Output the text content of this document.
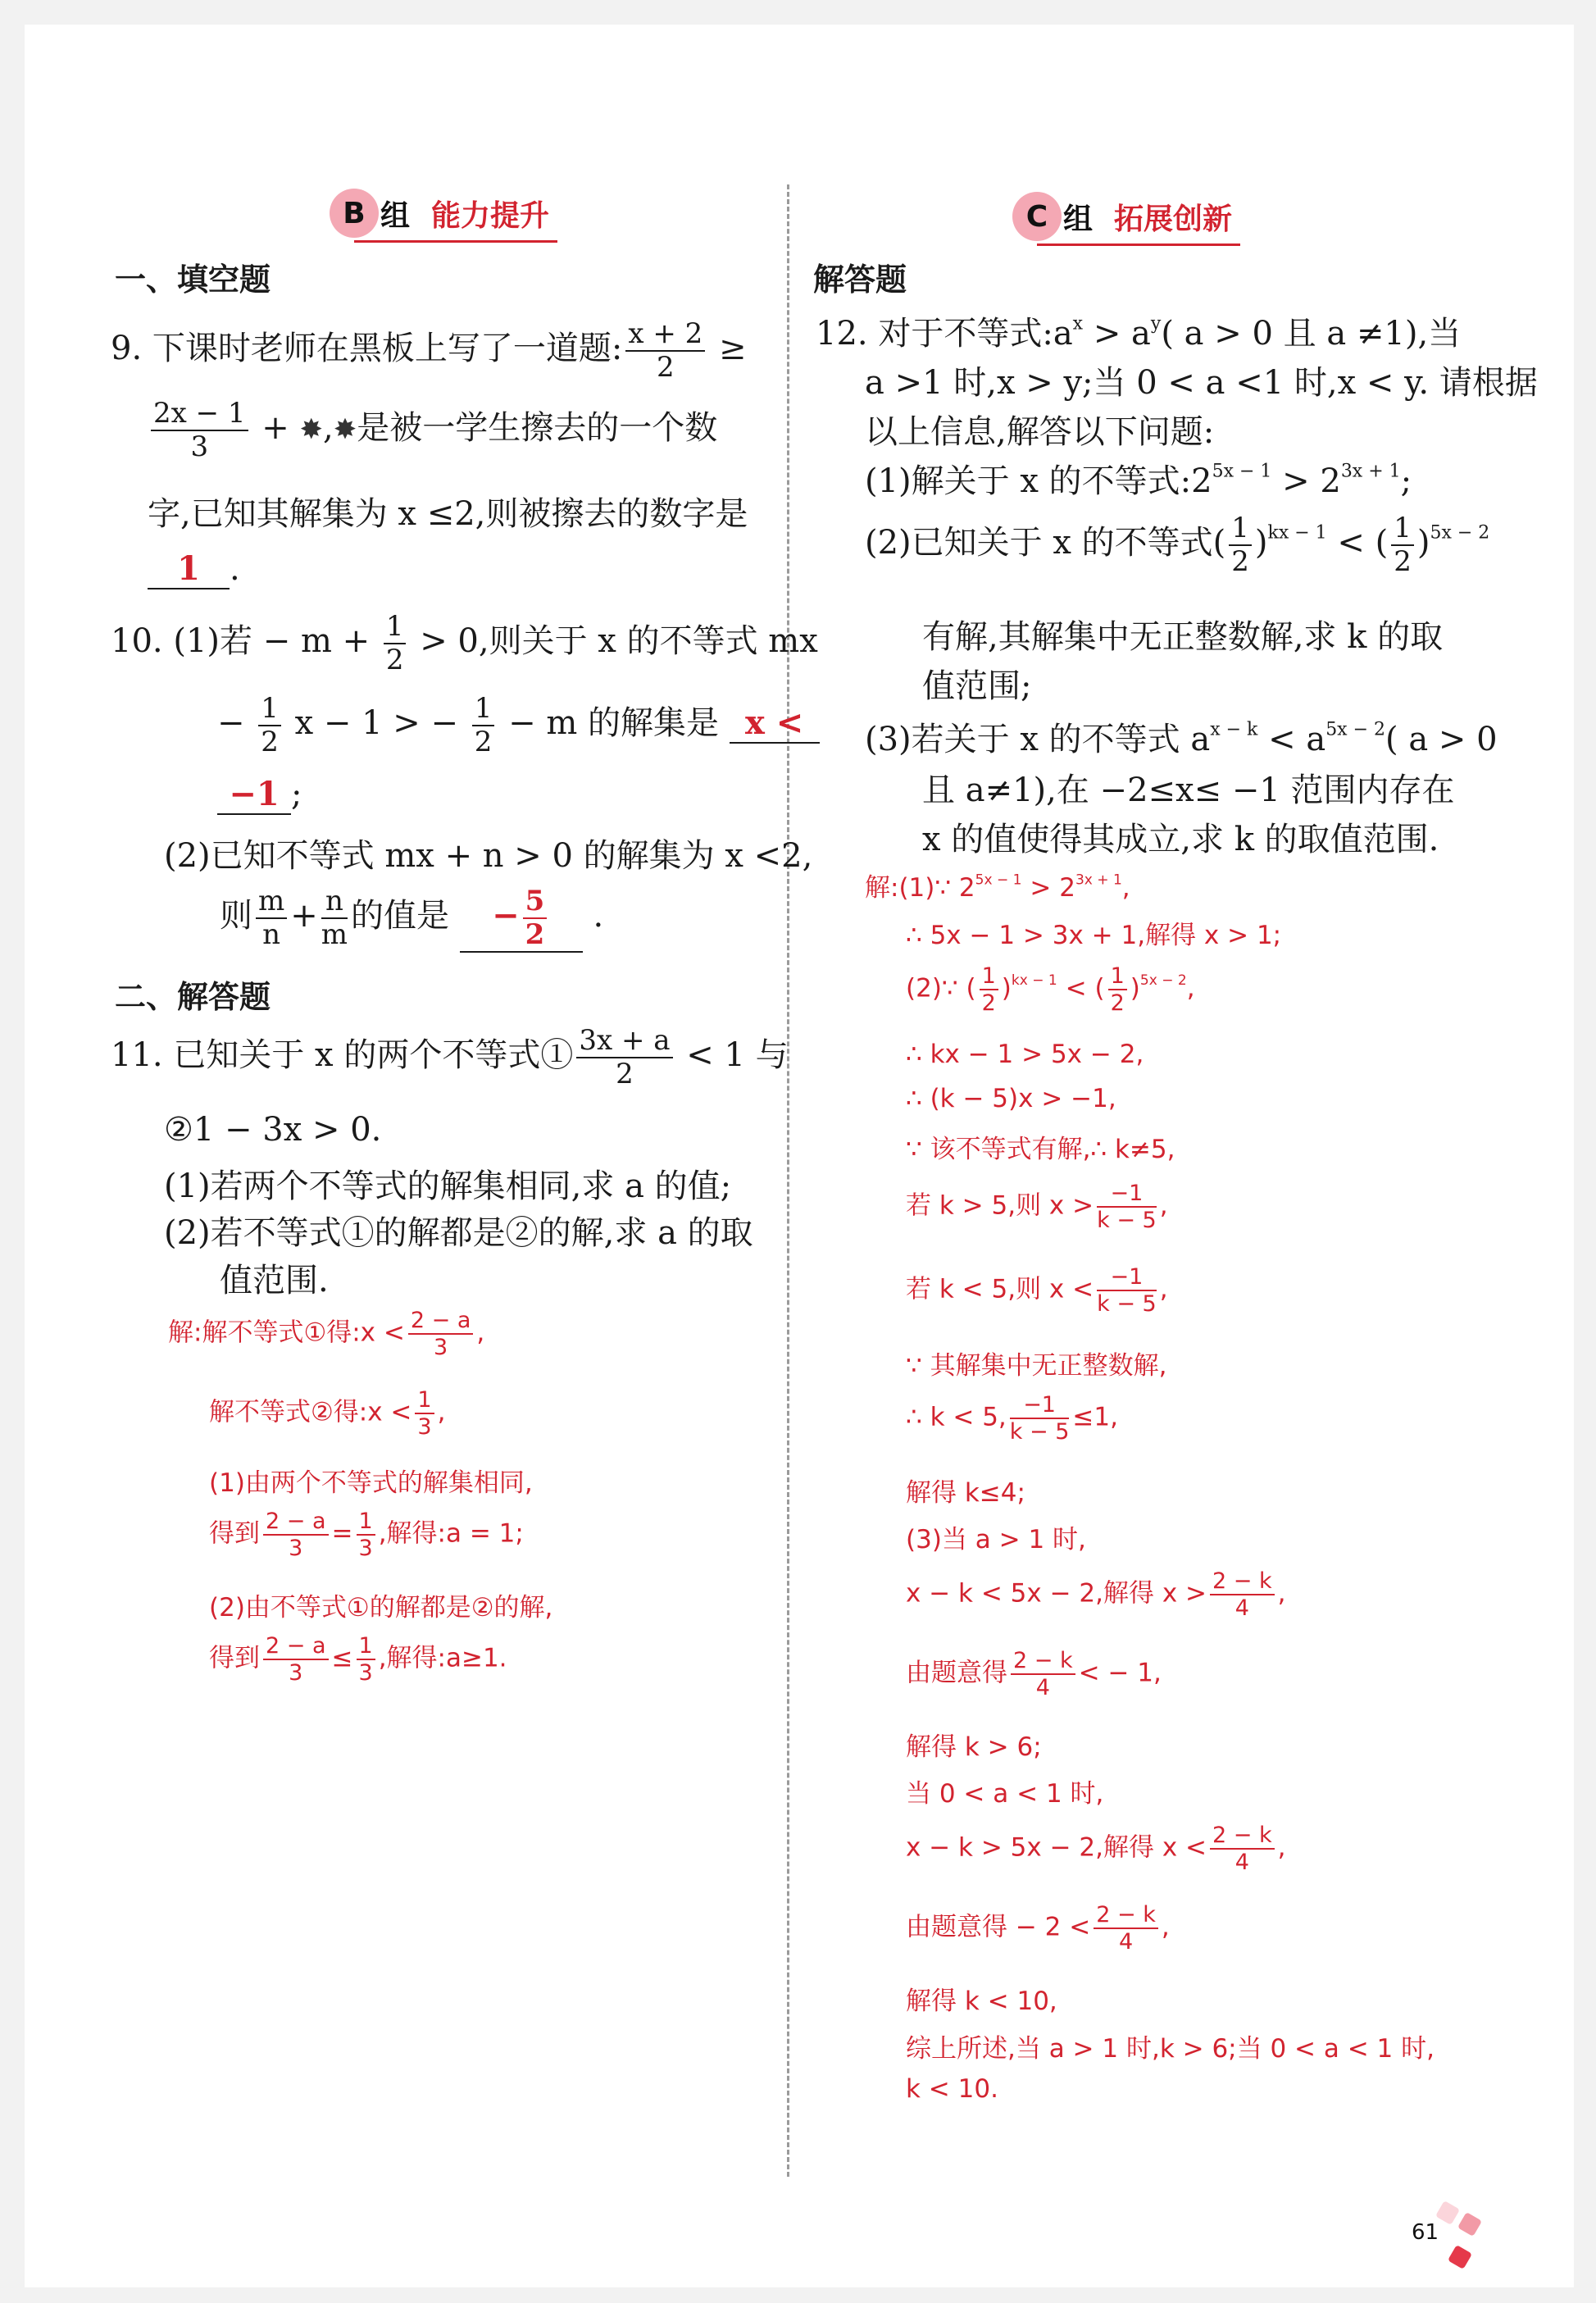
B 组 能力提升	C 组 拓展创新
一、填空题
9. 下课时老师在黑板上写了一道题: $\frac{x + 2}{2}$ ≥
$\frac{2x - 1}{3}$ + ✸,✸是被一学生擦去的一个数
字,已知其解集为 x ≤2,则被擦去的数字是
1 .
10. (1)若 − $m + \frac{1}{2} > 0$,则关于 x 的不等式 mx
− $\frac{1}{2}$ x − 1 > − $\frac{1}{2} - m$ 的解集是 x <
−1 ;
(2)已知不等式 mx + n > 0 的解集为 x <2,
则 $\frac{m}{n} + \frac{n}{m}$ 的值是 − $\frac{5}{2}$ .
二、解答题
11. 已知关于 x 的两个不等式① $\frac{3x + a}{2} < 1$ 与
②1 − 3x > 0.
(1)若两个不等式的解集相同,求 a 的值;
(2)若不等式①的解都是②的解,求 a 的取
值范围.
解:解不等式①得:x < $\frac{2 - a}{3}$ ,
解不等式②得:x < $\frac{1}{3}$ ,
(1)由两个不等式的解集相同,
得到 $\frac{2 - a}{3} = \frac{1}{3}$ ,解得:a = 1;
(2)由不等式①的解都是②的解,
得到 $\frac{2 - a}{3} \le \frac{1}{3}$ ,解得:a≥1.
解答题
12. 对于不等式$:a^x > a^y$( a > 0 且 a ≠1),当
a >1 时,x > y;当 0 < a <1 时,x < y. 请根据
以上信息,解答以下问题:
(1)解关于 x 的不等式$:2^{5x - 1} > 2^{3x + 1}$;
(2)已知关于 x 的不等式( $\frac{1}{2} )^{kx - 1}$ < ( $\frac{1}{2} )^{5x - 2}$
有解,其解集中无正整数解,求 k 的取
值范围;
(3)若关于 x 的不等式 $a^{x - k} < a^{5x - 2}$( a > 0
且 a≠1),在 −2≤x≤ −1 范围内存在
x 的值使得其成立,求 k 的取值范围.
解:(1)∵ $2^{5x - 1} > 2^{3x + 1}$,
∴ 5x − 1 > 3x + 1,解得 x > 1;
(2)∵ ( $\frac{1}{2} )^{kx - 1}$ < ( $\frac{1}{2} )^{5x - 2}$,
∴ kx − 1 > 5x − 2,
∴ (k − 5)x > −1,
∵ 该不等式有解,∴ k≠5,
若 k > 5,则 $x > \frac{-1}{k - 5}$ ,
若 k < 5,则 $x < \frac{-1}{k - 5}$ ,
∵ 其解集中无正整数解,
∴ k < 5, $\frac{-1}{k - 5} \le 1$,
解得 k≤4;
(3)当 a > 1 时,
x − k < 5x − 2,解得 $x > \frac{2 - k}{4}$ ,
由题意得 $\frac{2 - k}{4}$ < − 1,
解得 k > 6;
当 0 < a < 1 时,
x − k > 5x − 2,解得 $x < \frac{2 - k}{4}$ ,
由题意得 − $2 < \frac{2 - k}{4}$ ,
解得 k < 10,
综上所述,当 a > 1 时,k > 6;当 0 < a < 1 时,
k < 10.
61
